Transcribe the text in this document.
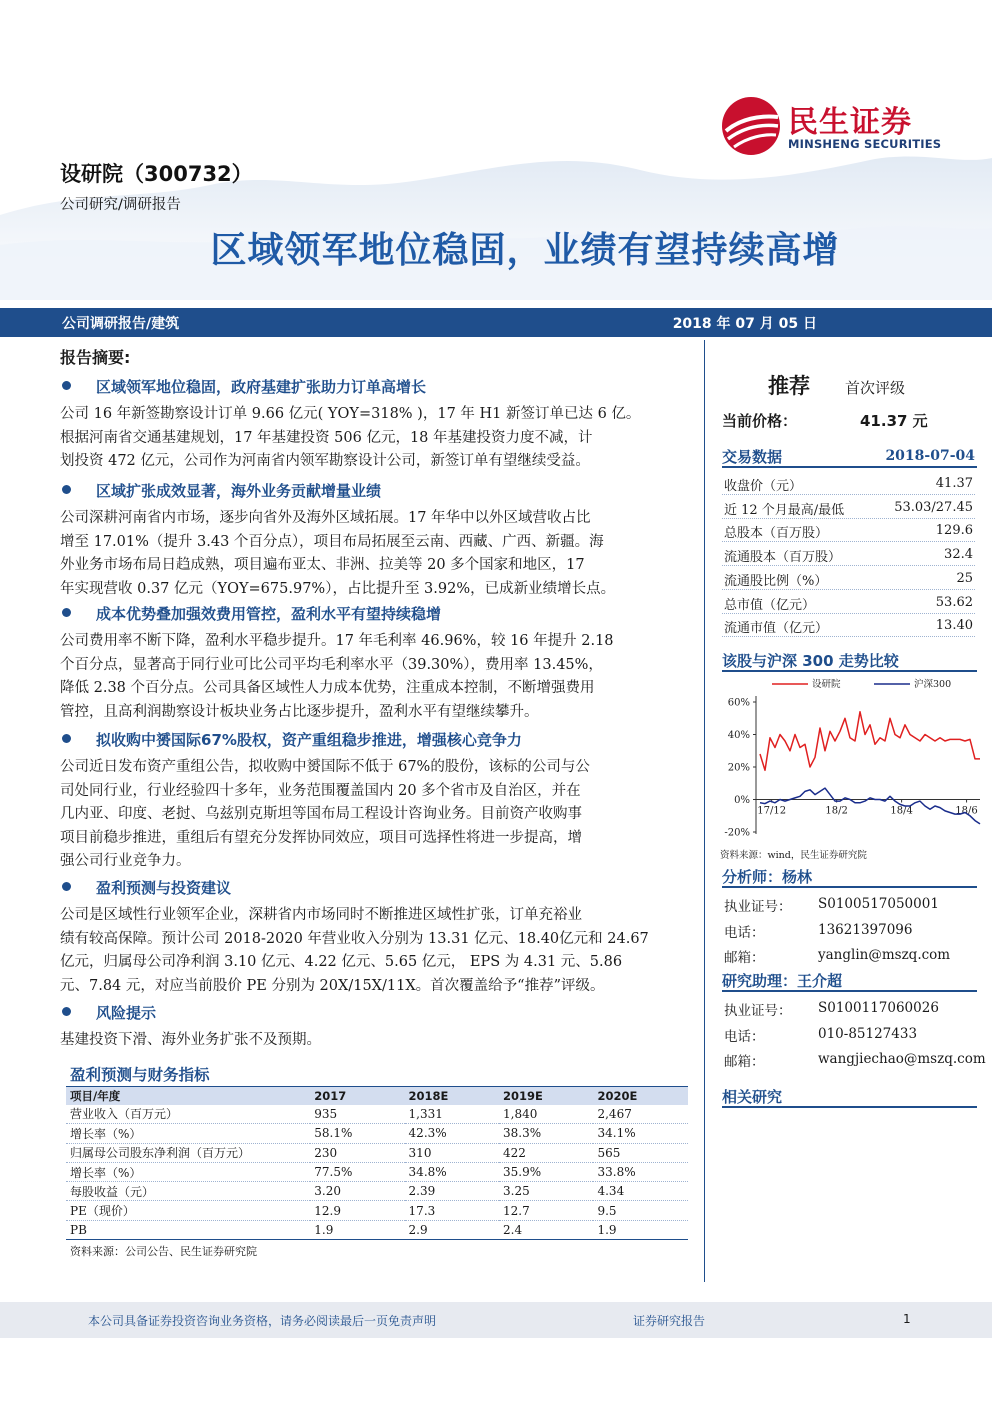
民生证券
MINSHENG SECURITIES
设研院（300732）
公司研究/调研报告
区域领军地位稳固，业绩有望持续高增
公司调研报告/建筑	2018 年 07 月 05 日
报告摘要:
区域领军地位稳固，政府基建扩张助力订单高增长
公司 16 年新签勘察设计订单 9.66 亿元( YOY=318% )，17 年 H1 新签订单已达 6 亿。
根据河南省交通基建规划，17 年基建投资 506 亿元，18 年基建投资力度不减，计
划投资 472 亿元，公司作为河南省内领军勘察设计公司，新签订单有望继续受益。
区域扩张成效显著，海外业务贡献增量业绩
公司深耕河南省内市场，逐步向省外及海外区域拓展。17 年华中以外区域营收占比
增至 17.01%（提升 3.43 个百分点），项目布局拓展至云南、西藏、广西、新疆。海
外业务市场布局日趋成熟，项目遍布亚太、非洲、拉美等 20 多个国家和地区，17
年实现营收 0.37 亿元（YOY=675.97%），占比提升至 3.92%，已成新业绩增长点。
成本优势叠加强效费用管控，盈利水平有望持续稳增
公司费用率不断下降，盈利水平稳步提升。17 年毛利率 46.96%，较 16 年提升 2.18
个百分点，显著高于同行业可比公司平均毛利率水平（39.30%），费用率 13.45%，
降低 2.38 个百分点。公司具备区域性人力成本优势，注重成本控制，不断增强费用
管控，且高利润勘察设计板块业务占比逐步提升，盈利水平有望继续攀升。
拟收购中赟国际67%股权，资产重组稳步推进，增强核心竞争力
公司近日发布资产重组公告，拟收购中赟国际不低于 67%的股份，该标的公司与公
司处同行业，行业经验四十多年，业务范围覆盖国内 20 多个省市及自治区，并在
几内亚、印度、老挝、乌兹别克斯坦等国布局工程设计咨询业务。目前资产收购事
项目前稳步推进，重组后有望充分发挥协同效应，项目可选择性将进一步提高，增
强公司行业竞争力。
盈利预测与投资建议
公司是区域性行业领军企业，深耕省内市场同时不断推进区域性扩张，订单充裕业
绩有较高保障。预计公司 2018-2020 年营业收入分别为 13.31 亿元、18.40亿元和 24.67
亿元，归属母公司净利润 3.10 亿元、4.22 亿元、5.65 亿元， EPS 为 4.31 元、5.86
元、7.84 元，对应当前股价 PE 分别为 20X/15X/11X。首次覆盖给予“推荐”评级。
风险提示
基建投资下滑、海外业务扩张不及预期。
盈利预测与财务指标
项目/年度	2017	2018E	2019E	2020E
营业收入（百万元）	935	1,331	1,840	2,467
增长率（%）	58.1%	42.3%	38.3%	34.1%
归属母公司股东净利润（百万元）	230	310	422	565
增长率（%）	77.5%	34.8%	35.9%	33.8%
每股收益（元）	3.20	2.39	3.25	4.34
PE（现价）	12.9	17.3	12.7	9.5
PB	1.9	2.9	2.4	1.9
资料来源：公司公告、民生证券研究院
推荐 首次评级
当前价格：	41.37 元
交易数据	2018-07-04
收盘价（元）	41.37
近 12 个月最高/最低	53.03/27.45
总股本（百万股）	129.6
流通股本（百万股）	32.4
流通股比例（%）	25
总市值（亿元）	53.62
流通市值（亿元）	13.40
该股与沪深 300 走势比较
设研院	沪深300
60%
40%
20%
0%
-20%
17/12	18/2	18/4	18/6
资料来源：wind，民生证券研究院
分析师：杨林
执业证号： S0100517050001
电话：	13621397096
邮箱：	yanglin@mszq.com
研究助理：王介超
执业证号： S0100117060026
电话：	010-85127433
邮箱：	wangjiechao@mszq.com
相关研究
本公司具备证券投资咨询业务资格，请务必阅读最后一页免责声明	证券研究报告	1
